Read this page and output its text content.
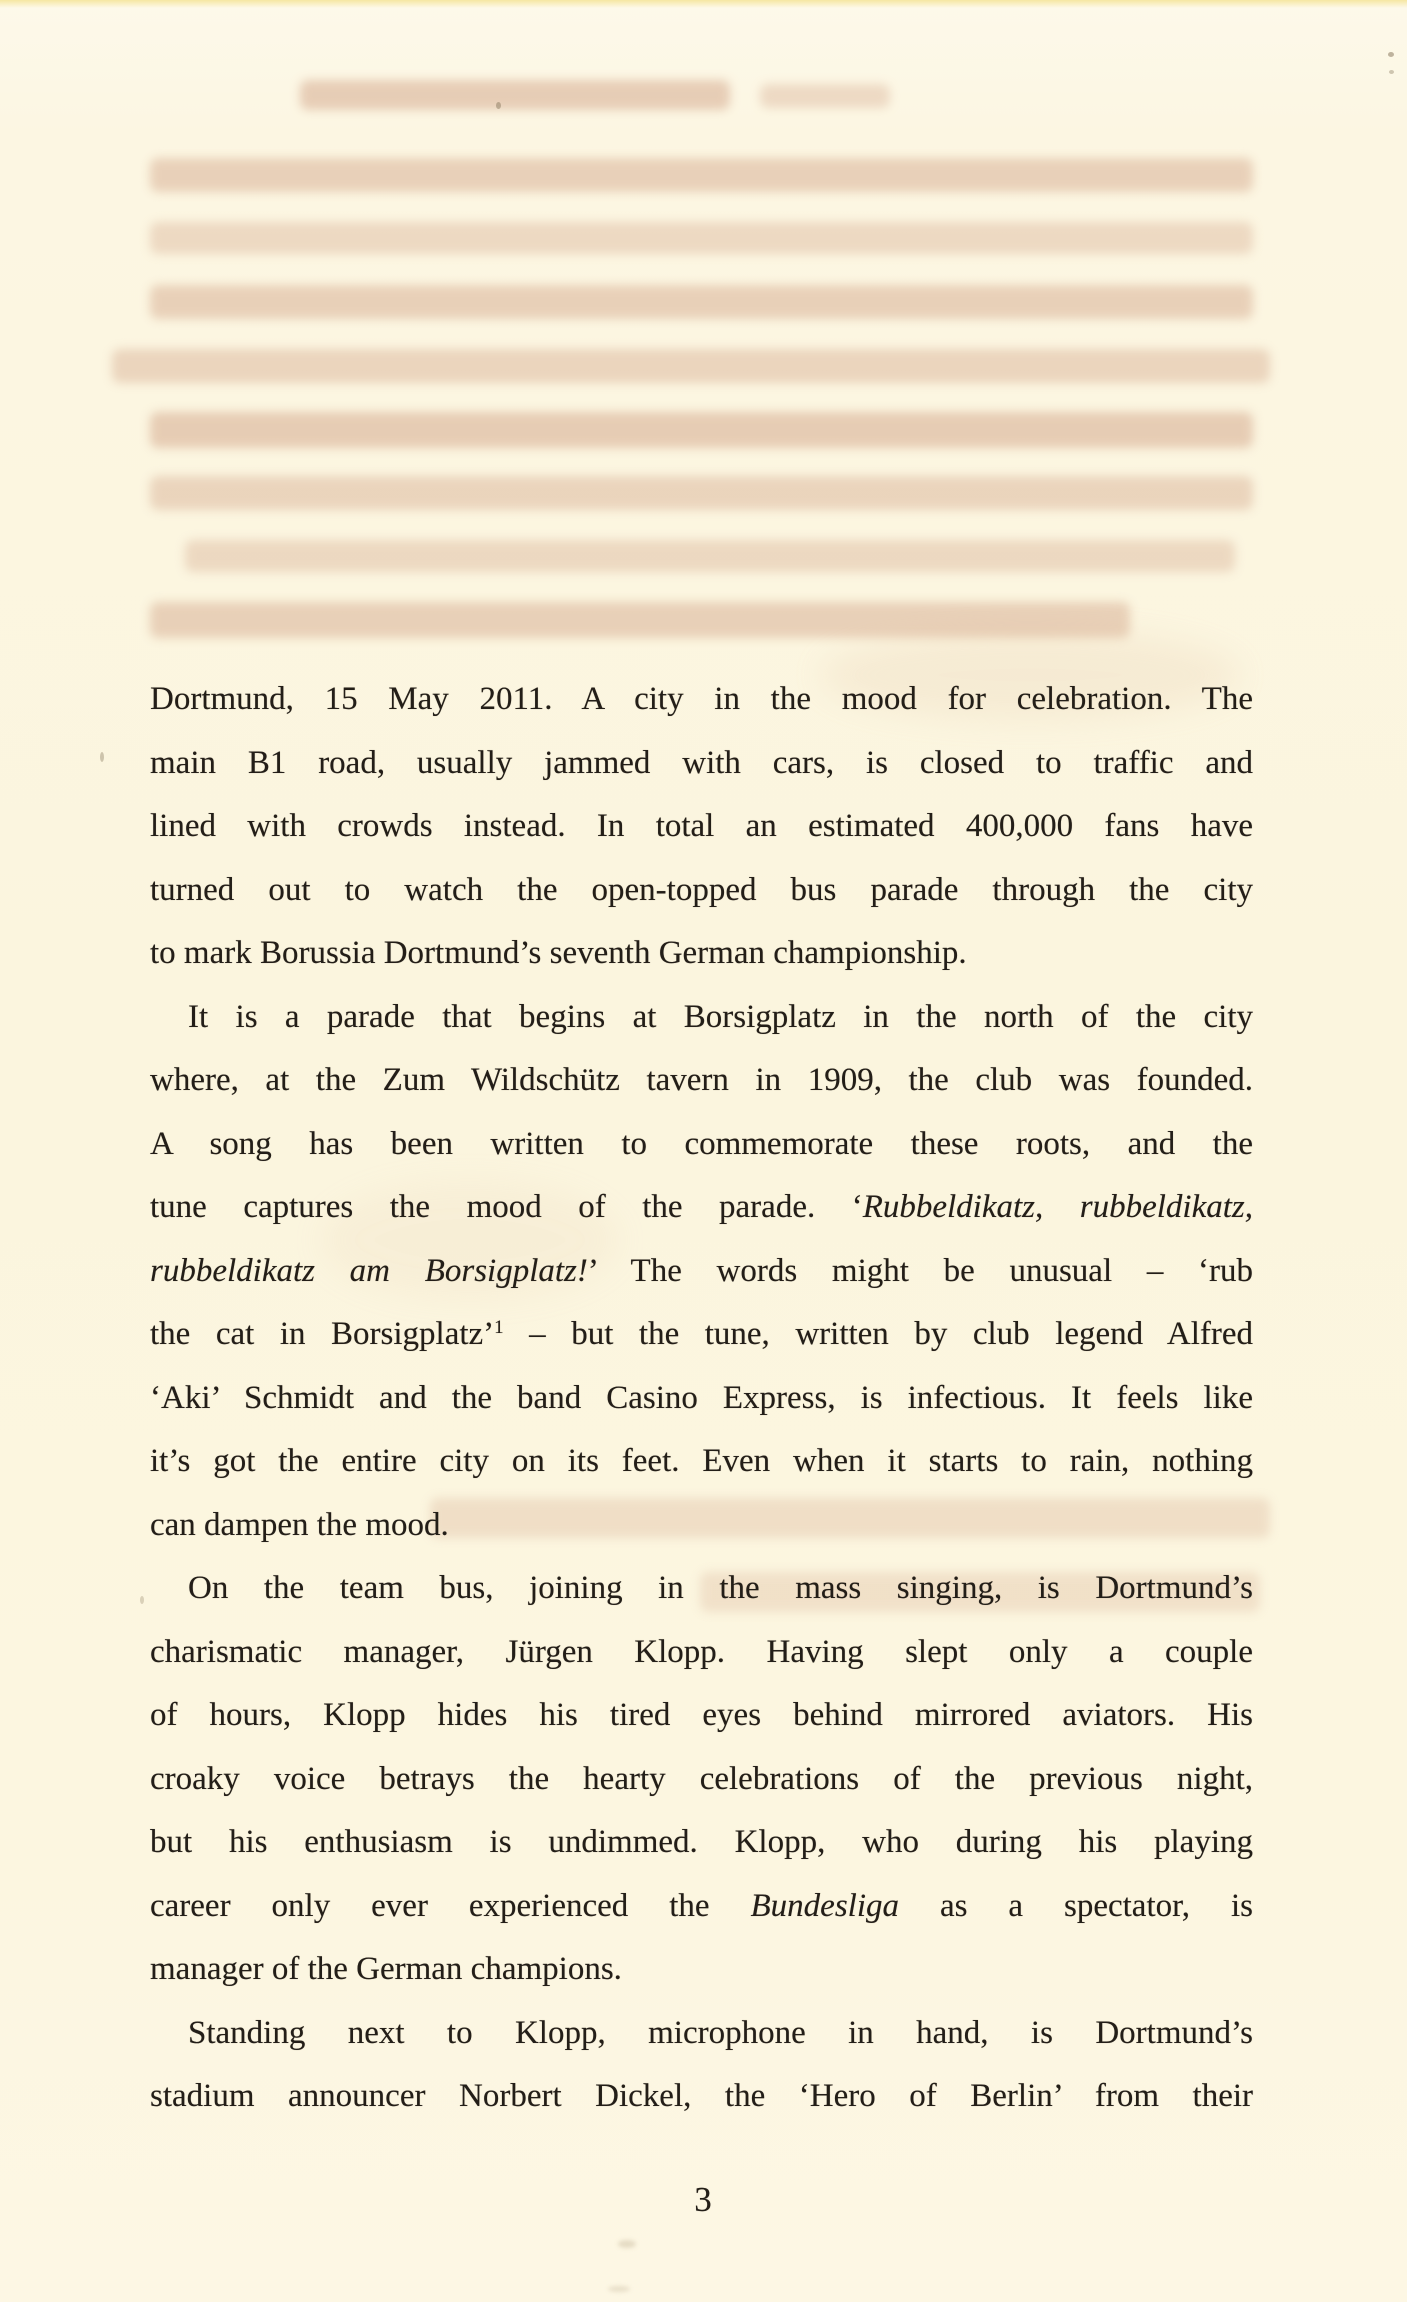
Dortmund, 15 May 2011. A city in the mood for celebration. The
main B1 road, usually jammed with cars, is closed to traffic and
lined with crowds instead. In total an estimated 400,000 fans have
turned out to watch the open-topped bus parade through the city
to mark Borussia Dortmund’s seventh German championship.
It is a parade that begins at Borsigplatz in the north of the city
where, at the Zum Wildschütz tavern in 1909, the club was founded.
A song has been written to commemorate these roots, and the
tune captures the mood of the parade. ‘Rubbeldikatz, rubbeldikatz,
rubbeldikatz am Borsigplatz!’ The words might be unusual – ‘rub
the cat in Borsigplatz’$^1$ – but the tune, written by club legend Alfred
‘Aki’ Schmidt and the band Casino Express, is infectious. It feels like
it’s got the entire city on its feet. Even when it starts to rain, nothing
can dampen the mood.
On the team bus, joining in the mass singing, is Dortmund’s
charismatic manager, Jürgen Klopp. Having slept only a couple
of hours, Klopp hides his tired eyes behind mirrored aviators. His
croaky voice betrays the hearty celebrations of the previous night,
but his enthusiasm is undimmed. Klopp, who during his playing
career only ever experienced the Bundesliga as a spectator, is
manager of the German champions.
Standing next to Klopp, microphone in hand, is Dortmund’s
stadium announcer Norbert Dickel, the ‘Hero of Berlin’ from their
3
